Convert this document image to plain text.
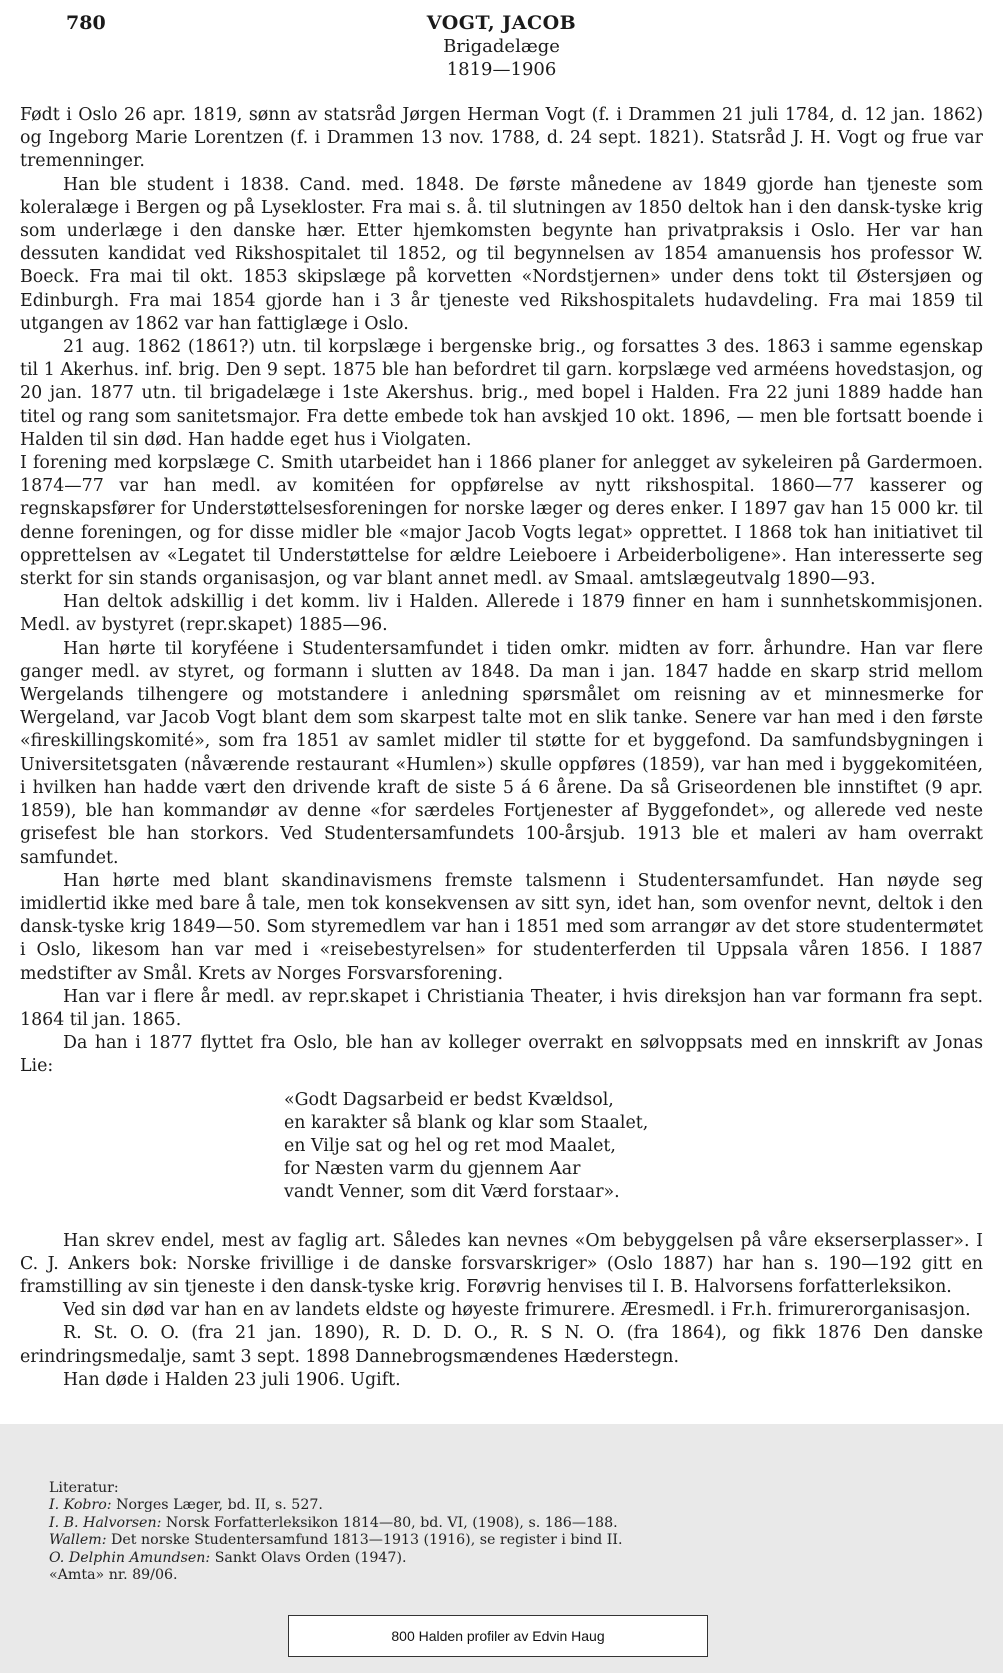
780	VOGT, JACOB
Brigadelæge
1819—1906

Født i Oslo 26 apr. 1819, sønn av statsråd Jørgen Herman Vogt (f. i Drammen 21 juli 1784, d. 12 jan. 1862) og Ingeborg Marie Lorentzen (f. i Drammen 13 nov. 1788, d. 24 sept. 1821). Statsråd J. H. Vogt og frue var tremenninger.

Han ble student i 1838. Cand. med. 1848. De første månedene av 1849 gjorde han tjeneste som koleralæge i Bergen og på Lysekloster. Fra mai s. å. til slutningen av 1850 deltok han i den dansk-tyske krig som underlæge i den danske hær. Etter hjemkomsten begynte han privatpraksis i Oslo. Her var han dessuten kandidat ved Rikshospitalet til 1852, og til begynnelsen av 1854 amanuensis hos professor W. Boeck. Fra mai til okt. 1853 skipslæge på korvetten «Nordstjernen» under dens tokt til Østersjøen og Edinburgh. Fra mai 1854 gjorde han i 3 år tjeneste ved Rikshospitalets hudavdeling. Fra mai 1859 til utgangen av 1862 var han fattiglæge i Oslo.

21 aug. 1862 (1861?) utn. til korpslæge i bergenske brig., og forsattes 3 des. 1863 i samme egenskap til 1 Akerhus. inf. brig. Den 9 sept. 1875 ble han befordret til garn. korpslæge ved arméens hovedstasjon, og 20 jan. 1877 utn. til brigadelæge i 1ste Akershus. brig., med bopel i Halden. Fra 22 juni 1889 hadde han titel og rang som sanitetsmajor. Fra dette embede tok han avskjed 10 okt. 1896, — men ble fortsatt boende i Halden til sin død. Han hadde eget hus i Violgaten.

I forening med korpslæge C. Smith utarbeidet han i 1866 planer for anlegget av sykeleiren på Gardermoen. 1874—77 var han medl. av komitéen for oppførelse av nytt rikshospital. 1860—77 kasserer og regnskapsfører for Understøttelsesforeningen for norske læger og deres enker. I 1897 gav han 15 000 kr. til denne foreningen, og for disse midler ble «major Jacob Vogts legat» opprettet. I 1868 tok han initiativet til opprettelsen av «Legatet til Understøttelse for ældre Leieboere i Arbeiderboligene». Han interesserte seg sterkt for sin stands organisasjon, og var blant annet medl. av Smaal. amtslægeutvalg 1890—93.

Han deltok adskillig i det komm. liv i Halden. Allerede i 1879 finner en ham i sunnhetskommisjonen. Medl. av bystyret (repr.skapet) 1885—96.

Han hørte til koryféene i Studentersamfundet i tiden omkr. midten av forr. århundre. Han var flere ganger medl. av styret, og formann i slutten av 1848. Da man i jan. 1847 hadde en skarp strid mellom Wergelands tilhengere og motstandere i anledning spørsmålet om reisning av et minnesmerke for Wergeland, var Jacob Vogt blant dem som skarpest talte mot en slik tanke. Senere var han med i den første «fireskillingskomité», som fra 1851 av samlet midler til støtte for et byggefond. Da samfundsbygningen i Universitetsgaten (nåværende restaurant «Humlen») skulle oppføres (1859), var han med i byggekomitéen, i hvilken han hadde vært den drivende kraft de siste 5 á 6 årene. Da så Griseordenen ble innstiftet (9 apr. 1859), ble han kommandør av denne «for særdeles Fortjenester af Byggefondet», og allerede ved neste grisefest ble han storkors. Ved Studentersamfundets 100-årsjub. 1913 ble et maleri av ham overrakt samfundet.

Han hørte med blant skandinavismens fremste talsmenn i Studentersamfundet. Han nøyde seg imidlertid ikke med bare å tale, men tok konsekvensen av sitt syn, idet han, som ovenfor nevnt, deltok i den dansk-tyske krig 1849—50. Som styremedlem var han i 1851 med som arrangør av det store studentermøtet i Oslo, likesom han var med i «reisebestyrelsen» for studenterferden til Uppsala våren 1856. I 1887 medstifter av Smål. Krets av Norges Forsvarsforening.

Han var i flere år medl. av repr.skapet i Christiania Theater, i hvis direksjon han var formann fra sept. 1864 til jan. 1865.

Da han i 1877 flyttet fra Oslo, ble han av kolleger overrakt en sølvoppsats med en innskrift av Jonas Lie:

«Godt Dagsarbeid er bedst Kvældsol,
en karakter så blank og klar som Staalet,
en Vilje sat og hel og ret mod Maalet,
for Næsten varm du gjennem Aar
vandt Venner, som dit Værd forstaar».

Han skrev endel, mest av faglig art. Således kan nevnes «Om bebyggelsen på våre ekserserplasser». I C. J. Ankers bok: Norske frivillige i de danske forsvarskriger» (Oslo 1887) har han s. 190—192 gitt en framstilling av sin tjeneste i den dansk-tyske krig. Forøvrig henvises til I. B. Halvorsens forfatterleksikon.

Ved sin død var han en av landets eldste og høyeste frimurere. Æresmedl. i Fr.h. frimurerorganisasjon.

R. St. O. O. (fra 21 jan. 1890), R. D. D. O., R. S N. O. (fra 1864), og fikk 1876 Den danske erindringsmedalje, samt 3 sept. 1898 Dannebrogsmændenes Hæderstegn.

Han døde i Halden 23 juli 1906. Ugift.

Literatur:
I. Kobro: Norges Læger, bd. II, s. 527.
I. B. Halvorsen: Norsk Forfatterleksikon 1814—80, bd. VI, (1908), s. 186—188.
Wallem: Det norske Studentersamfund 1813—1913 (1916), se register i bind II.
O. Delphin Amundsen: Sankt Olavs Orden (1947).
«Amta» nr. 89/06.
800 Halden profiler av Edvin Haug
